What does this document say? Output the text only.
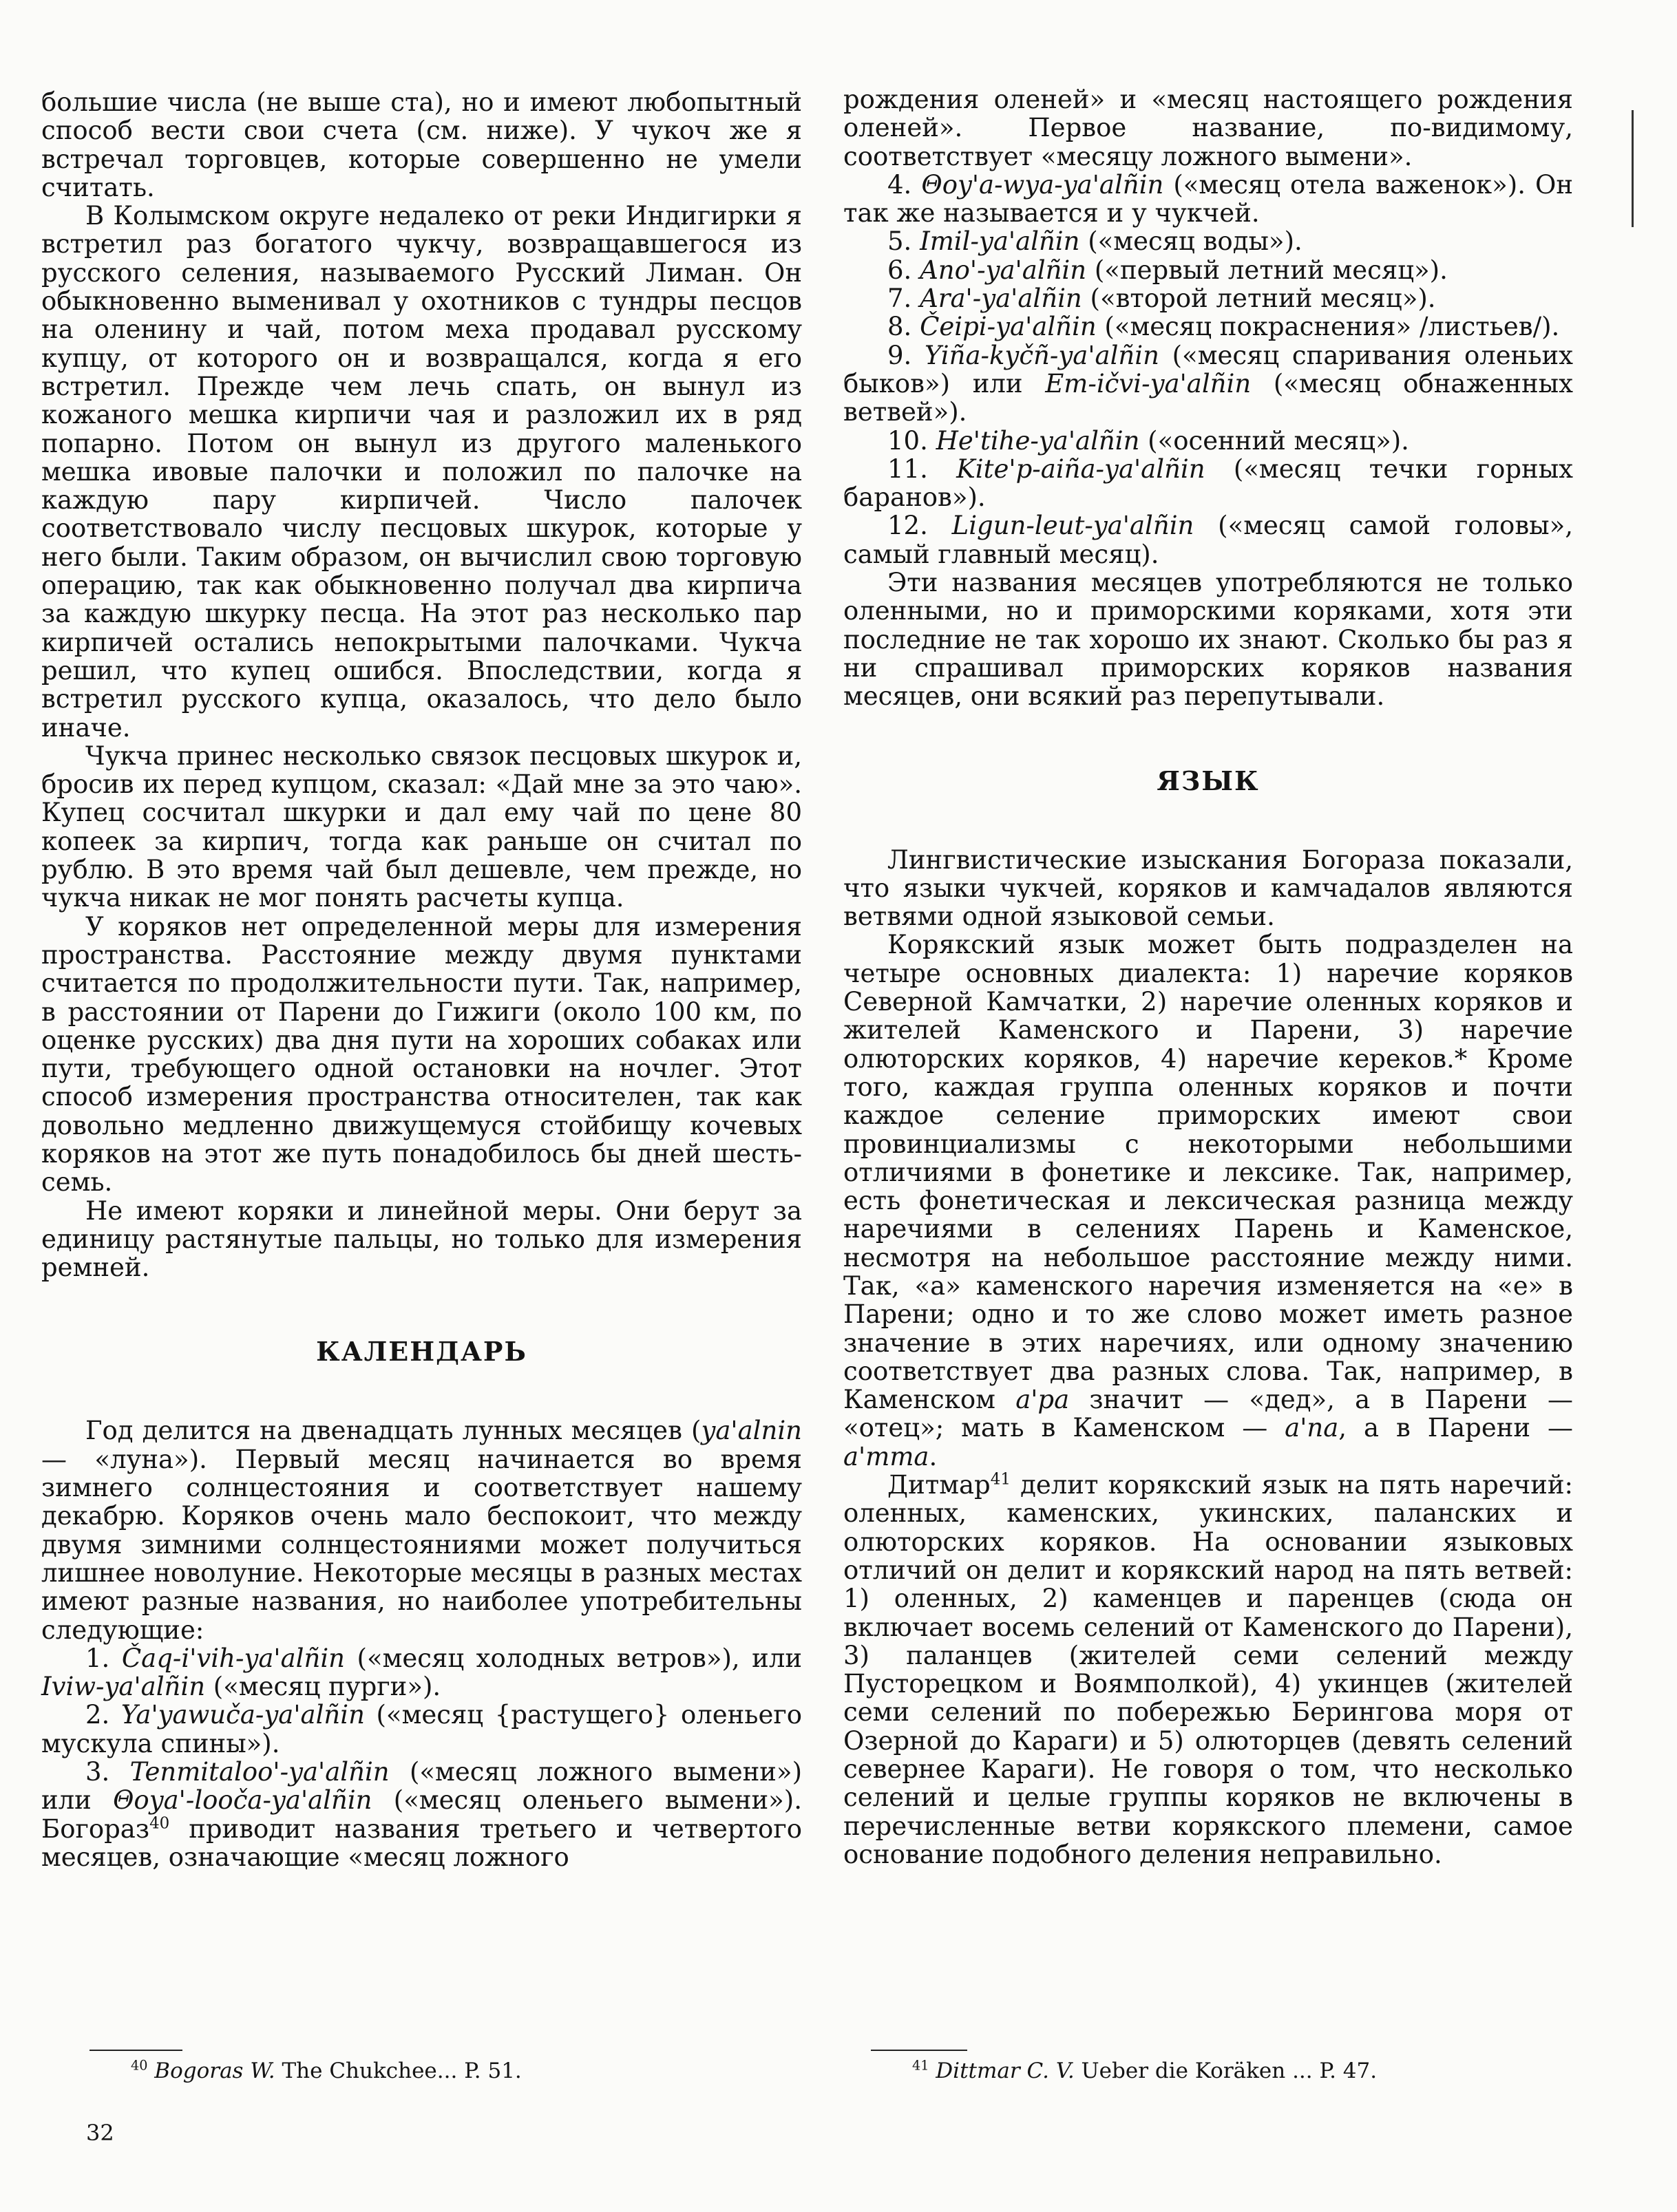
большие числа (не выше ста), но и имеют любопытный способ вести свои счета (см. ниже). У чукоч же я встречал торговцев, которые совершенно не умели считать.

В Колымском округе недалеко от реки Индигирки я встретил раз богатого чукчу, возвращавшегося из русского селения, называемого Русский Лиман. Он обыкновенно выменивал у охотников с тундры песцов на оленину и чай, потом меха продавал русскому купцу, от которого он и возвращался, когда я его встретил. Прежде чем лечь спать, он вынул из кожаного мешка кирпичи чая и разложил их в ряд попарно. Потом он вынул из другого маленького мешка ивовые палочки и положил по палочке на каждую пару кирпичей. Число палочек соответствовало числу песцовых шкурок, которые у него были. Таким образом, он вычислил свою торговую операцию, так как обыкновенно получал два кирпича за каждую шкурку песца. На этот раз несколько пар кирпичей остались непокрытыми палочками. Чукча решил, что купец ошибся. Впоследствии, когда я встретил русского купца, оказалось, что дело было иначе.

Чукча принес несколько связок песцовых шкурок и, бросив их перед купцом, сказал: «Дай мне за это чаю». Купец сосчитал шкурки и дал ему чай по цене 80 копеек за кирпич, тогда как раньше он считал по рублю. В это время чай был дешевле, чем прежде, но чукча никак не мог понять расчеты купца.

У коряков нет определенной меры для измерения пространства. Расстояние между двумя пунктами считается по продолжительности пути. Так, например, в расстоянии от Парени до Гижиги (около 100 км, по оценке русских) два дня пути на хороших собаках или пути, требующего одной остановки на ночлег. Этот способ измерения пространства относителен, так как довольно медленно движущемуся стойбищу кочевых коряков на этот же путь понадобилось бы дней шесть-семь.

Не имеют коряки и линейной меры. Они берут за единицу растянутые пальцы, но только для измерения ремней.

КАЛЕНДАРЬ

Год делится на двенадцать лунных месяцев (ya'alnin — «луна»). Первый месяц начинается во время зимнего солнцестояния и соответствует нашему декабрю. Коряков очень мало беспокоит, что между двумя зимними солнцестояниями может получиться лишнее новолуние. Некоторые месяцы в разных местах имеют разные названия, но наиболее употребительны следующие:

1. Čaq-i'vih-ya'alñin («месяц холодных ветров»), или Iviw-ya'alñin («месяц пурги»).

2. Ya'yawuča-ya'alñin («месяц {растущего} оленьего мускула спины»).

3. Tenmitaloo'-ya'alñin («месяц ложного вымени») или Θoya'-looča-ya'alñin («месяц оленьего вымени»). Богораз$^{40}$ приводит названия третьего и четвертого месяцев, означающие «месяц ложного

$^{40}$ Bogoras W. The Chukchee... P. 51.

рождения оленей» и «месяц настоящего рождения оленей». Первое название, по-видимому, соответствует «месяцу ложного вымени».

4. Θoy'a-wya-ya'alñin («месяц отела важенок»). Он так же называется и у чукчей.

5. Imil-ya'alñin («месяц воды»).

6. Ano'-ya'alñin («первый летний месяц»).

7. Ara'-ya'alñin («второй летний месяц»).

8. Čeipi-ya'alñin («месяц покраснения» /листьев/).

9. Yiña-kyčñ-ya'alñin («месяц спаривания оленьих быков») или Em-ičvi-ya'alñin («месяц обнаженных ветвей»).

10. He'tihe-ya'alñin («осенний месяц»).

11. Kite'p-aiña-ya'alñin («месяц течки горных баранов»).

12. Ligun-leut-ya'alñin («месяц самой головы», самый главный месяц).

Эти названия месяцев употребляются не только оленными, но и приморскими коряками, хотя эти последние не так хорошо их знают. Сколько бы раз я ни спрашивал приморских коряков названия месяцев, они всякий раз перепутывали.

ЯЗЫК

Лингвистические изыскания Богораза показали, что языки чукчей, коряков и камчадалов являются ветвями одной языковой семьи.

Корякский язык может быть подразделен на четыре основных диалекта: 1) наречие коряков Северной Камчатки, 2) наречие оленных коряков и жителей Каменского и Парени, 3) наречие олюторских коряков, 4) наречие кереков.* Кроме того, каждая группа оленных коряков и почти каждое селение приморских имеют свои провинциализмы с некоторыми небольшими отличиями в фонетике и лексике. Так, например, есть фонетическая и лексическая разница между наречиями в селениях Парень и Каменское, несмотря на небольшое расстояние между ними. Так, «а» каменского наречия изменяется на «е» в Парени; одно и то же слово может иметь разное значение в этих наречиях, или одному значению соответствует два разных слова. Так, например, в Каменском a'pa значит — «дед», а в Парени — «отец»; мать в Каменском — a'na, а в Парени — a'mma.

Дитмар$^{41}$ делит корякский язык на пять наречий: оленных, каменских, укинских, паланских и олюторских коряков. На основании языковых отличий он делит и корякский народ на пять ветвей: 1) оленных, 2) каменцев и паренцев (сюда он включает восемь селений от Каменского до Парени), 3) паланцев (жителей семи селений между Пусторецком и Воямполкой), 4) укинцев (жителей семи селений по побережью Берингова моря от Озерной до Караги) и 5) олюторцев (девять селений севернее Караги). Не говоря о том, что несколько селений и целые группы коряков не включены в перечисленные ветви корякского племени, самое основание подобного деления неправильно.

$^{41}$ Dittmar C. V. Ueber die Koräken ... P. 47.
32
